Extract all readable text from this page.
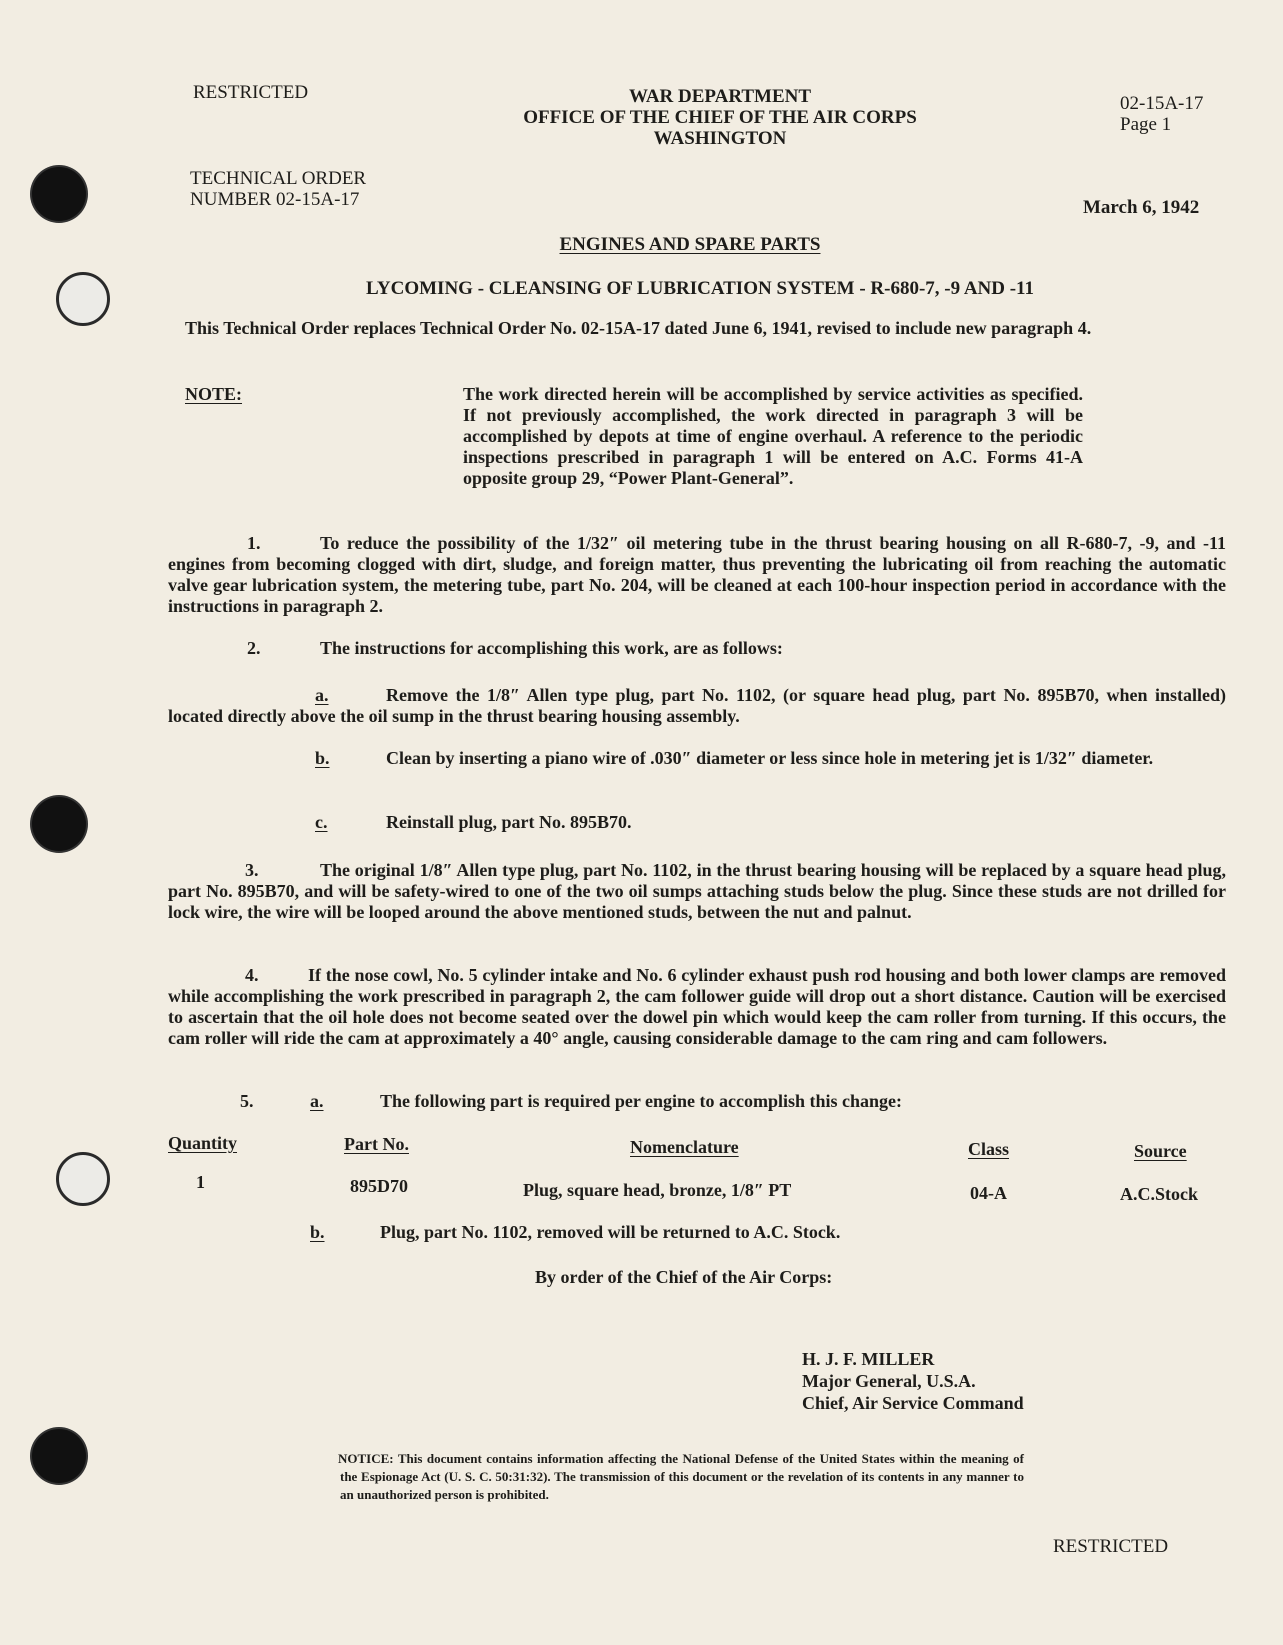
RESTRICTED	WAR DEPARTMENT
OFFICE OF THE CHIEF OF THE AIR CORPS
WASHINGTON
02-15A-17
Page 1
TECHNICAL ORDER
NUMBER 02-15A-17	March 6, 1942
ENGINES AND SPARE PARTS
LYCOMING - CLEANSING OF LUBRICATION SYSTEM - R-680-7, -9 AND -11
This Technical Order replaces Technical Order No. 02-15A-17 dated June 6, 1941, revised to include new paragraph 4.
NOTE:	The work directed herein will be accomplished by service activities as specified. If not previously accomplished, the work directed in paragraph 3 will be accomplished by depots at time of engine overhaul. A reference to the periodic inspections prescribed in paragraph 1 will be entered on A.C. Forms 41-A opposite group 29, “Power Plant-General”.
1.	To reduce the possibility of the 1/32″ oil metering tube in the thrust bearing housing on all R-680-7, -9, and -11 engines from becoming clogged with dirt, sludge, and foreign matter, thus preventing the lubricating oil from reaching the automatic valve gear lubrication system, the metering tube, part No. 204, will be cleaned at each 100-hour inspection period in accordance with the instructions in paragraph 2.
2.	The instructions for accomplishing this work, are as follows:
a.	Remove the 1/8″ Allen type plug, part No. 1102, (or square head plug, part No. 895B70, when installed) located directly above the oil sump in the thrust bearing housing assembly.
b.	Clean by inserting a piano wire of .030″ diameter or less since hole in metering jet is 1/32″ diameter.
c.	Reinstall plug, part No. 895B70.
3.	The original 1/8″ Allen type plug, part No. 1102, in the thrust bearing housing will be replaced by a square head plug, part No. 895B70, and will be safety-wired to one of the two oil sumps attaching studs below the plug. Since these studs are not drilled for lock wire, the wire will be looped around the above mentioned studs, between the nut and palnut.
4.	If the nose cowl, No. 5 cylinder intake and No. 6 cylinder exhaust push rod housing and both lower clamps are removed while accomplishing the work prescribed in paragraph 2, the cam follower guide will drop out a short distance. Caution will be exercised to ascertain that the oil hole does not become seated over the dowel pin which would keep the cam roller from turning. If this occurs, the cam roller will ride the cam at approximately a 40° angle, causing considerable damage to the cam ring and cam followers.
5.	a.	The following part is required per engine to accomplish this change:
Quantity	Part No.	Nomenclature	Class	Source
1	895D70	Plug, square head, bronze, 1/8″ PT	04-A	A.C.Stock
b.	Plug, part No. 1102, removed will be returned to A.C. Stock.
By order of the Chief of the Air Corps:
H. J. F. MILLER
Major General, U.S.A.
Chief, Air Service Command
NOTICE: This document contains information affecting the National Defense of the United States within the meaning of the Espionage Act (U. S. C. 50:31:32). The transmission of this document or the revelation of its contents in any manner to an unauthorized person is prohibited.
RESTRICTED
